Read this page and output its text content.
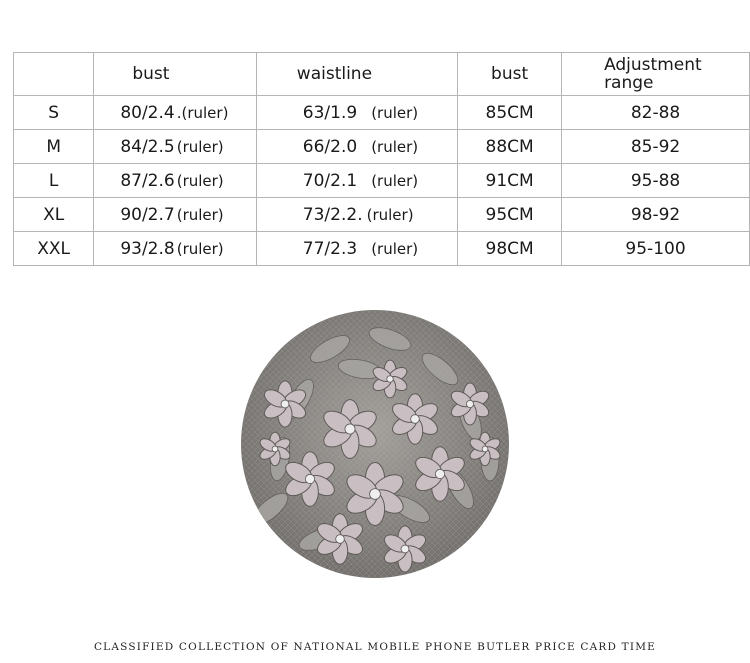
	bust	waistline	bust	Adjustment
range

S	80/2.4 .(ruler)	63/1.9 (ruler)	85CM	82-88
M	84/2.5 (ruler)	66/2.0 (ruler)	88CM	85-92
L	87/2.6 (ruler)	70/2.1 (ruler)	91CM	95-88
XL	90/2.7 (ruler)	73/2.2. (ruler)	95CM	98-92
XXL	93/2.8 (ruler)	77/2.3 (ruler)	98CM	95-100
CLASSIFIED COLLECTION OF NATIONAL MOBILE PHONE BUTLER PRICE CARD TIME
